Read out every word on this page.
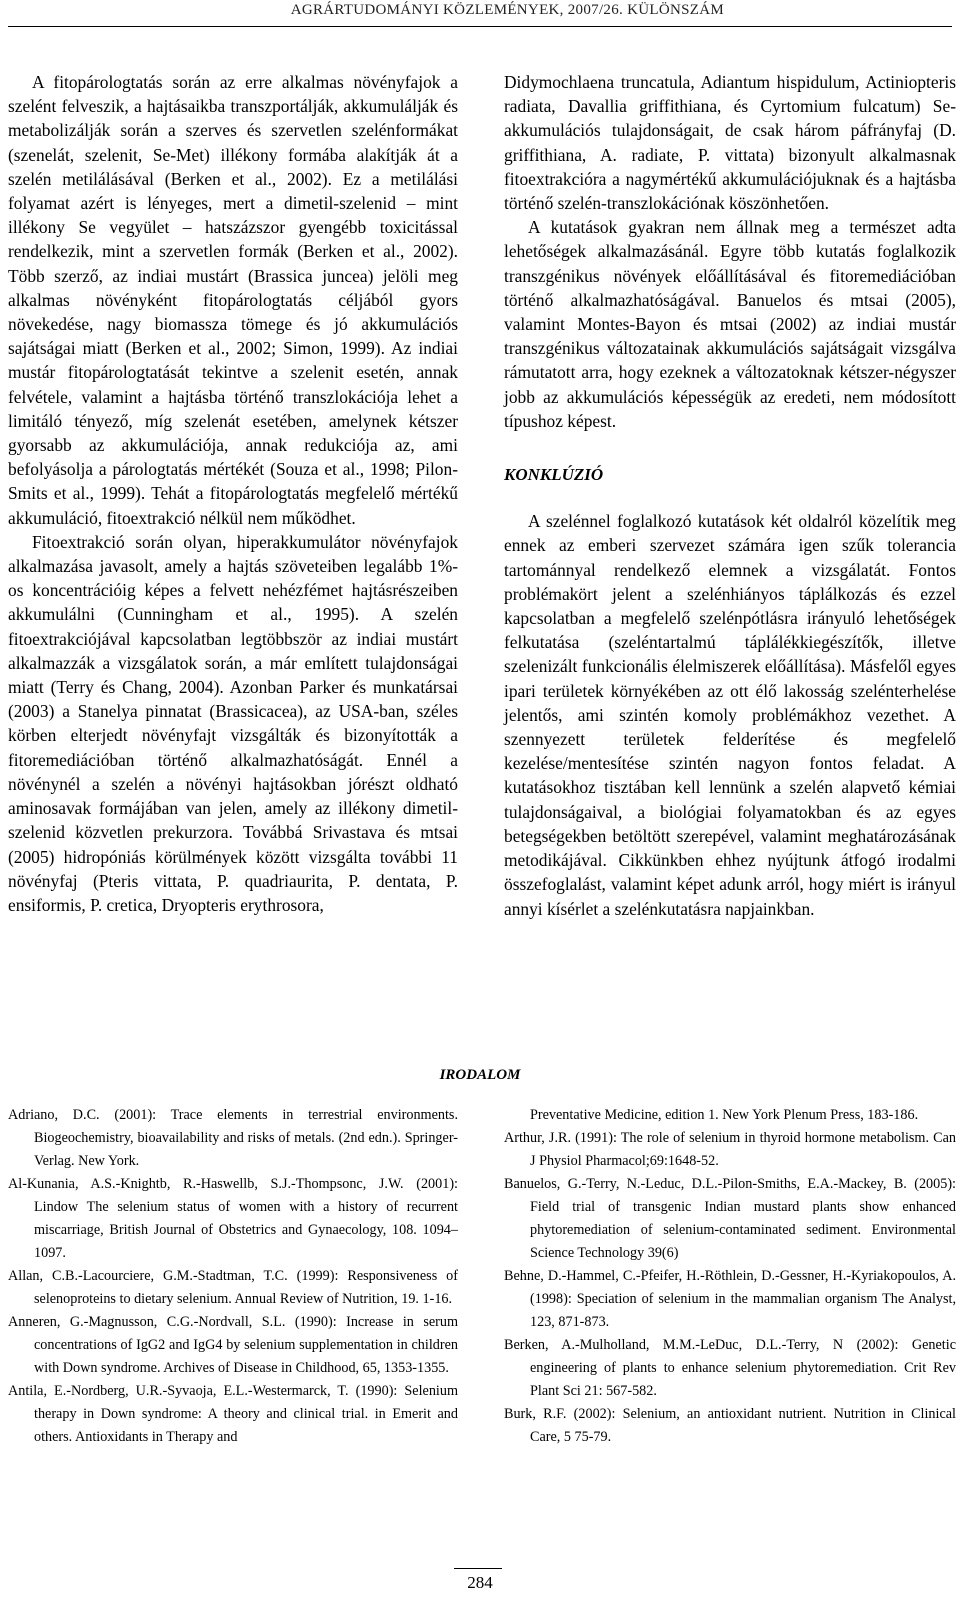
AGRÁRTUDOMÁNYI KÖZLEMÉNYEK, 2007/26. KÜLÖNSZÁM

A fitopárologtatás során az erre alkalmas növényfajok a szelént felveszik, a hajtásaikba transzportálják, akkumulálják és metabolizálják során a szerves és szervetlen szelénformákat (szenelát, szelenit, Se-Met) illékony formába alakítják át a szelén metilálásával (Berken et al., 2002). Ez a metilálási folyamat azért is lényeges, mert a dimetil-szelenid – mint illékony Se vegyület – hatszázszor gyengébb toxicitással rendelkezik, mint a szervetlen formák (Berken et al., 2002). Több szerző, az indiai mustárt (Brassica juncea) jelöli meg alkalmas növényként fitopárologtatás céljából gyors növekedése, nagy biomassza tömege és jó akkumulációs sajátságai miatt (Berken et al., 2002; Simon, 1999). Az indiai mustár fitopárologtatását tekintve a szelenit esetén, annak felvétele, valamint a hajtásba történő transzlokációja lehet a limitáló tényező, míg szelenát esetében, amelynek kétszer gyorsabb az akkumulációja, annak redukciója az, ami befolyásolja a párologtatás mértékét (Souza et al., 1998; Pilon-Smits et al., 1999). Tehát a fitopárologtatás megfelelő mértékű akkumuláció, fitoextrakció nélkül nem működhet.

Fitoextrakció során olyan, hiperakkumulátor növényfajok alkalmazása javasolt, amely a hajtás szöveteiben legalább 1%-os koncentrációig képes a felvett nehézfémet hajtásrészeiben akkumulálni (Cunningham et al., 1995). A szelén fitoextrakciójával kapcsolatban legtöbbször az indiai mustárt alkalmazzák a vizsgálatok során, a már említett tulajdonságai miatt (Terry és Chang, 2004). Azonban Parker és munkatársai (2003) a Stanelya pinnatat (Brassicacea), az USA-ban, széles körben elterjedt növényfajt vizsgálták és bizonyították a fitoremediációban történő alkalmazhatóságát. Ennél a növénynél a szelén a növényi hajtásokban jórészt oldható aminosavak formájában van jelen, amely az illékony dimetil-szelenid közvetlen prekurzora. Továbbá Srivastava és mtsai (2005) hidropóniás körülmények között vizsgálta további 11 növényfaj (Pteris vittata, P. quadriaurita, P. dentata, P. ensiformis, P. cretica, Dryopteris erythrosora,

Didymochlaena truncatula, Adiantum hispidulum, Actiniopteris radiata, Davallia griffithiana, és Cyrtomium fulcatum) Se-akkumulációs tulajdonságait, de csak három páfrányfaj (D. griffithiana, A. radiate, P. vittata) bizonyult alkalmasnak fitoextrakcióra a nagymértékű akkumulációjuknak és a hajtásba történő szelén-transzlokációnak köszönhetően.

A kutatások gyakran nem állnak meg a természet adta lehetőségek alkalmazásánál. Egyre több kutatás foglalkozik transzgénikus növények előállításával és fitoremediációban történő alkalmazhatóságával. Banuelos és mtsai (2005), valamint Montes-Bayon és mtsai (2002) az indiai mustár transzgénikus változatainak akkumulációs sajátságait vizsgálva rámutatott arra, hogy ezeknek a változatoknak kétszer-négyszer jobb az akkumulációs képességük az eredeti, nem módosított típushoz képest.

KONKLÚZIÓ

A szelénnel foglalkozó kutatások két oldalról közelítik meg ennek az emberi szervezet számára igen szűk tolerancia tartománnyal rendelkező elemnek a vizsgálatát. Fontos problémakört jelent a szelénhiányos táplálkozás és ezzel kapcsolatban a megfelelő szelénpótlásra irányuló lehetőségek felkutatása (szeléntartalmú táplálékkiegészítők, illetve szelenizált funkcionális élelmiszerek előállítása). Másfelől egyes ipari területek környékében az ott élő lakosság szelénterhelése jelentős, ami szintén komoly problémákhoz vezethet. A szennyezett területek felderítése és megfelelő kezelése/mentesítése szintén nagyon fontos feladat. A kutatásokhoz tisztában kell lennünk a szelén alapvető kémiai tulajdonságaival, a biológiai folyamatokban és az egyes betegségekben betöltött szerepével, valamint meghatározásának metodikájával. Cikkünkben ehhez nyújtunk átfogó irodalmi összefoglalást, valamint képet adunk arról, hogy miért is irányul annyi kísérlet a szelénkutatásra napjainkban.

IRODALOM

Adriano, D.C. (2001): Trace elements in terrestrial environments. Biogeochemistry, bioavailability and risks of metals. (2nd edn.). Springer-Verlag. New York.

Al-Kunania, A.S.-Knightb, R.-Haswellb, S.J.-Thompsonc, J.W. (2001): Lindow The selenium status of women with a history of recurrent miscarriage, British Journal of Obstetrics and Gynaecology, 108. 1094–1097.

Allan, C.B.-Lacourciere, G.M.-Stadtman, T.C. (1999): Responsiveness of selenoproteins to dietary selenium. Annual Review of Nutrition, 19. 1-16.

Anneren, G.-Magnusson, C.G.-Nordvall, S.L. (1990): Increase in serum concentrations of IgG2 and IgG4 by selenium supplementation in children with Down syndrome. Archives of Disease in Childhood, 65, 1353-1355.

Antila, E.-Nordberg, U.R.-Syvaoja, E.L.-Westermarck, T. (1990): Selenium therapy in Down syndrome: A theory and clinical trial. in Emerit and others. Antioxidants in Therapy and

Preventative Medicine, edition 1. New York Plenum Press, 183-186.

Arthur, J.R. (1991): The role of selenium in thyroid hormone metabolism. Can J Physiol Pharmacol;69:1648-52.

Banuelos, G.-Terry, N.-Leduc, D.L.-Pilon-Smiths, E.A.-Mackey, B. (2005): Field trial of transgenic Indian mustard plants show enhanced phytoremediation of selenium-contaminated sediment. Environmental Science Technology 39(6)

Behne, D.-Hammel, C.-Pfeifer, H.-Röthlein, D.-Gessner, H.-Kyriakopoulos, A. (1998): Speciation of selenium in the mammalian organism The Analyst, 123, 871-873.

Berken, A.-Mulholland, M.M.-LeDuc, D.L.-Terry, N (2002): Genetic engineering of plants to enhance selenium phytoremediation. Crit Rev Plant Sci 21: 567-582.

Burk, R.F. (2002): Selenium, an antioxidant nutrient. Nutrition in Clinical Care, 5 75-79.

284
